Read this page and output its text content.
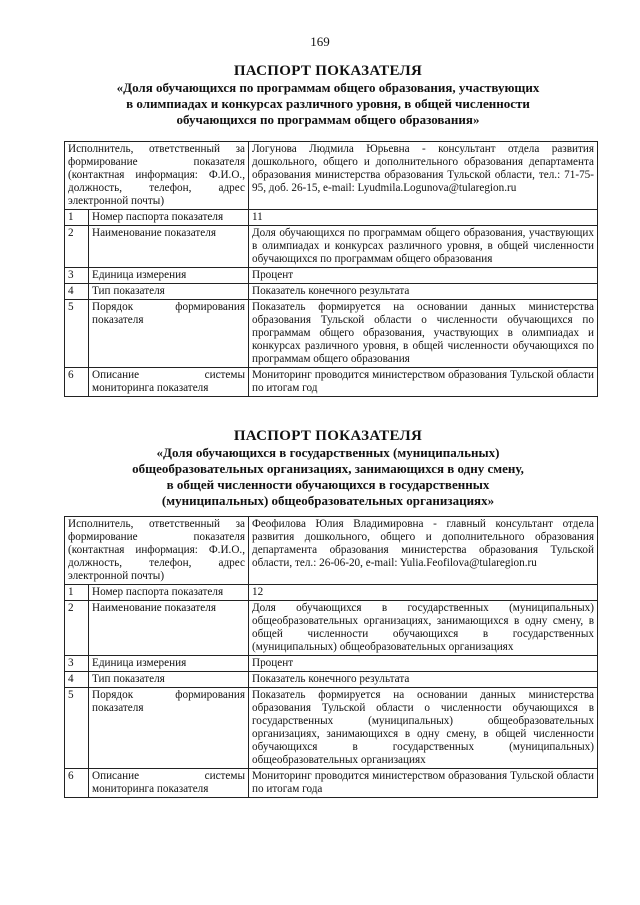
169
ПАСПОРТ ПОКАЗАТЕЛЯ
«Доля обучающихся по программам общего образования, участвующих
в олимпиадах и конкурсах различного уровня, в общей численности
обучающихся по программам общего образования»
Исполнитель, ответственный за формирование показателя (контактная информация: Ф.И.О., должность, телефон, адрес электронной почты)		Логунова Людмила Юрьевна - консультант отдела развития дошкольного, общего и дополнительного образования департамента образования министерства образования Тульской области, тел.: 71-75-95, доб. 26-15, e-mail: Lyudmila.Logunova@tularegion.ru
1	Номер паспорта показателя	11
2	Наименование показателя	Доля обучающихся по программам общего образования, участвующих в олимпиадах и конкурсах различного уровня, в общей численности обучающихся по программам общего образования
3	Единица измерения	Процент
4	Тип показателя	Показатель конечного результата
5	Порядок формирования показателя	Показатель формируется на основании данных министерства образования Тульской области о численности обучающихся по программам общего образования, участвующих в олимпиадах и конкурсах различного уровня, в общей численности обучающихся по программам общего образования
6	Описание системы мониторинга показателя	Мониторинг проводится министерством образования Тульской области по итогам год
ПАСПОРТ ПОКАЗАТЕЛЯ
«Доля обучающихся в государственных (муниципальных)
общеобразовательных организациях, занимающихся в одну смену,
в общей численности обучающихся в государственных
(муниципальных) общеобразовательных организациях»
Исполнитель, ответственный за формирование показателя (контактная информация: Ф.И.О., должность, телефон, адрес электронной почты)		Феофилова Юлия Владимировна - главный консультант отдела развития дошкольного, общего и дополнительного образования департамента образования министерства образования Тульской области, тел.: 26-06-20, e-mail: Yulia.Feofilova@tularegion.ru
1	Номер паспорта показателя	12
2	Наименование показателя	Доля обучающихся в государственных (муниципальных) общеобразовательных организациях, занимающихся в одну смену, в общей численности обучающихся в государственных (муниципальных) общеобразовательных организациях
3	Единица измерения	Процент
4	Тип показателя	Показатель конечного результата
5	Порядок формирования показателя	Показатель формируется на основании данных министерства образования Тульской области о численности обучающихся в государственных (муниципальных) общеобразовательных организациях, занимающихся в одну смену, в общей численности обучающихся в государственных (муниципальных) общеобразовательных организациях
6	Описание системы мониторинга показателя	Мониторинг проводится министерством образования Тульской области по итогам года
